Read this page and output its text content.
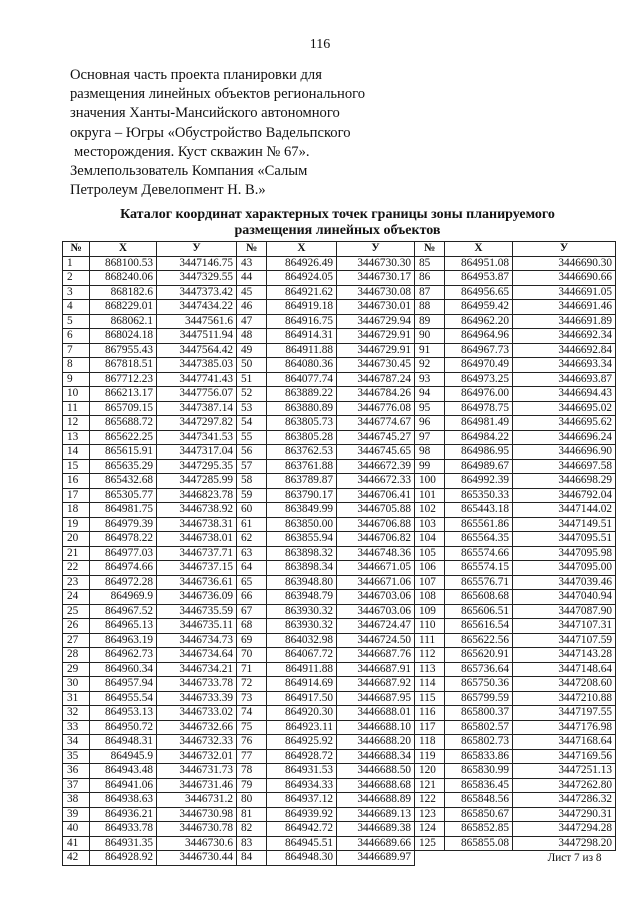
116
Основная часть проекта планировки для
размещения линейных объектов регионального
значения Ханты-Мансийского автономного
округа – Югры «Обустройство Вадельпского
месторождения. Куст скважин № 67».
Землепользователь Компания «Салым
Петролеум Девелопмент Н. В.»
Каталог координат характерных точек границы зоны планируемого
размещения линейных объектов
№	X	У	№	X	У	№	X	У
1	868100.53	3447146.75	43	864926.49	3446730.30	85	864951.08	3446690.30
2	868240.06	3447329.55	44	864924.05	3446730.17	86	864953.87	3446690.66
3	868182.6	3447373.42	45	864921.62	3446730.08	87	864956.65	3446691.05
4	868229.01	3447434.22	46	864919.18	3446730.01	88	864959.42	3446691.46
5	868062.1	3447561.6	47	864916.75	3446729.94	89	864962.20	3446691.89
6	868024.18	3447511.94	48	864914.31	3446729.91	90	864964.96	3446692.34
7	867955.43	3447564.42	49	864911.88	3446729.91	91	864967.73	3446692.84
8	867818.51	3447385.03	50	864080.36	3446730.45	92	864970.49	3446693.34
9	867712.23	3447741.43	51	864077.74	3446787.24	93	864973.25	3446693.87
10	866213.17	3447756.07	52	863889.22	3446784.26	94	864976.00	3446694.43
11	865709.15	3447387.14	53	863880.89	3446776.08	95	864978.75	3446695.02
12	865688.72	3447297.82	54	863805.73	3446774.67	96	864981.49	3446695.62
13	865622.25	3447341.53	55	863805.28	3446745.27	97	864984.22	3446696.24
14	865615.91	3447317.04	56	863762.53	3446745.65	98	864986.95	3446696.90
15	865635.29	3447295.35	57	863761.88	3446672.39	99	864989.67	3446697.58
16	865432.68	3447285.99	58	863789.87	3446672.33	100	864992.39	3446698.29
17	865305.77	3446823.78	59	863790.17	3446706.41	101	865350.33	3446792.04
18	864981.75	3446738.92	60	863849.99	3446705.88	102	865443.18	3447144.02
19	864979.39	3446738.31	61	863850.00	3446706.88	103	865561.86	3447149.51
20	864978.22	3446738.01	62	863855.94	3446706.82	104	865564.35	3447095.51
21	864977.03	3446737.71	63	863898.32	3446748.36	105	865574.66	3447095.98
22	864974.66	3446737.15	64	863898.34	3446671.05	106	865574.15	3447095.00
23	864972.28	3446736.61	65	863948.80	3446671.06	107	865576.71	3447039.46
24	864969.9	3446736.09	66	863948.79	3446703.06	108	865608.68	3447040.94
25	864967.52	3446735.59	67	863930.32	3446703.06	109	865606.51	3447087.90
26	864965.13	3446735.11	68	863930.32	3446724.47	110	865616.54	3447107.31
27	864963.19	3446734.73	69	864032.98	3446724.50	111	865622.56	3447107.59
28	864962.73	3446734.64	70	864067.72	3446687.76	112	865620.91	3447143.28
29	864960.34	3446734.21	71	864911.88	3446687.91	113	865736.64	3447148.64
30	864957.94	3446733.78	72	864914.69	3446687.92	114	865750.36	3447208.60
31	864955.54	3446733.39	73	864917.50	3446687.95	115	865799.59	3447210.88
32	864953.13	3446733.02	74	864920.30	3446688.01	116	865800.37	3447197.55
33	864950.72	3446732.66	75	864923.11	3446688.10	117	865802.57	3447176.98
34	864948.31	3446732.33	76	864925.92	3446688.20	118	865802.73	3447168.64
35	864945.9	3446732.01	77	864928.72	3446688.34	119	865833.86	3447169.56
36	864943.48	3446731.73	78	864931.53	3446688.50	120	865830.99	3447251.13
37	864941.06	3446731.46	79	864934.33	3446688.68	121	865836.45	3447262.80
38	864938.63	3446731.2	80	864937.12	3446688.89	122	865848.56	3447286.32
39	864936.21	3446730.98	81	864939.92	3446689.13	123	865850.67	3447290.31
40	864933.78	3446730.78	82	864942.72	3446689.38	124	865852.85	3447294.28
41	864931.35	3446730.6	83	864945.51	3446689.66	125	865855.08	3447298.20
42	864928.92	3446730.44	84	864948.30	3446689.97		Лист 7 из 8	
